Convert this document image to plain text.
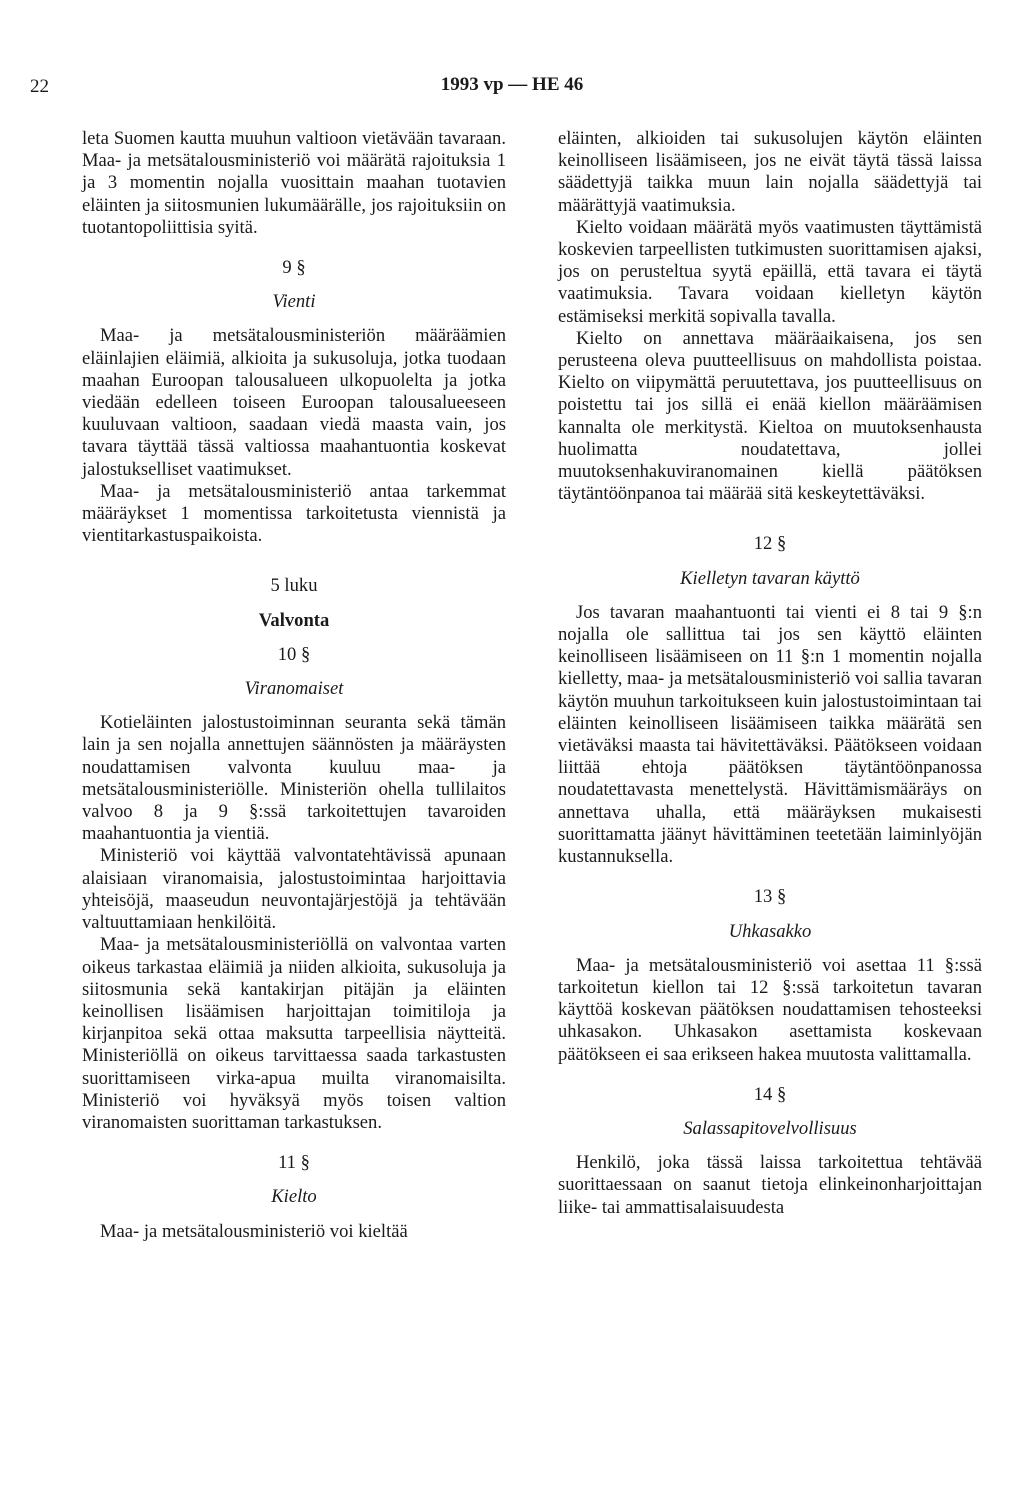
22	1993 vp — HE 46

leta Suomen kautta muuhun valtioon vietävään tavaraan. Maa- ja metsätalousministeriö voi määrätä rajoituksia 1 ja 3 momentin nojalla vuosittain maahan tuotavien eläinten ja siitosmunien lukumäärälle, jos rajoituksiin on tuotantopoliittisia syitä.

9 §

Vienti

Maa- ja metsätalousministeriön määräämien eläinlajien eläimiä, alkioita ja sukusoluja, jotka tuodaan maahan Euroopan talousalueen ulkopuolelta ja jotka viedään edelleen toiseen Euroopan talousalueeseen kuuluvaan valtioon, saadaan viedä maasta vain, jos tavara täyttää tässä valtiossa maahantuontia koskevat jalostukselliset vaatimukset.

Maa- ja metsätalousministeriö antaa tarkemmat määräykset 1 momentissa tarkoitetusta viennistä ja vientitarkastuspaikoista.

5 luku

Valvonta

10 §

Viranomaiset

Kotieläinten jalostustoiminnan seuranta sekä tämän lain ja sen nojalla annettujen säännösten ja määräysten noudattamisen valvonta kuuluu maa- ja metsätalousministeriölle. Ministeriön ohella tullilaitos valvoo 8 ja 9 §:ssä tarkoitettujen tavaroiden maahantuontia ja vientiä.

Ministeriö voi käyttää valvontatehtävissä apunaan alaisiaan viranomaisia, jalostustoimintaa harjoittavia yhteisöjä, maaseudun neuvontajärjestöjä ja tehtävään valtuuttamiaan henkilöitä.

Maa- ja metsätalousministeriöllä on valvontaa varten oikeus tarkastaa eläimiä ja niiden alkioita, sukusoluja ja siitosmunia sekä kantakirjan pitäjän ja eläinten keinollisen lisäämisen harjoittajan toimitiloja ja kirjanpitoa sekä ottaa maksutta tarpeellisia näytteitä. Ministeriöllä on oikeus tarvittaessa saada tarkastusten suorittamiseen virka-apua muilta viranomaisilta. Ministeriö voi hyväksyä myös toisen valtion viranomaisten suorittaman tarkastuksen.

11 §

Kielto

Maa- ja metsätalousministeriö voi kieltää

eläinten, alkioiden tai sukusolujen käytön eläinten keinolliseen lisäämiseen, jos ne eivät täytä tässä laissa säädettyjä taikka muun lain nojalla säädettyjä tai määrättyjä vaatimuksia.

Kielto voidaan määrätä myös vaatimusten täyttämistä koskevien tarpeellisten tutkimusten suorittamisen ajaksi, jos on perusteltua syytä epäillä, että tavara ei täytä vaatimuksia. Tavara voidaan kielletyn käytön estämiseksi merkitä sopivalla tavalla.

Kielto on annettava määräaikaisena, jos sen perusteena oleva puutteellisuus on mahdollista poistaa. Kielto on viipymättä peruutettava, jos puutteellisuus on poistettu tai jos sillä ei enää kiellon määräämisen kannalta ole merkitystä. Kieltoa on muutoksenhausta huolimatta noudatettava, jollei muutoksenhakuviranomainen kiellä päätöksen täytäntöönpanoa tai määrää sitä keskeytettäväksi.

12 §

Kielletyn tavaran käyttö

Jos tavaran maahantuonti tai vienti ei 8 tai 9 §:n nojalla ole sallittua tai jos sen käyttö eläinten keinolliseen lisäämiseen on 11 §:n 1 momentin nojalla kielletty, maa- ja metsätalousministeriö voi sallia tavaran käytön muuhun tarkoitukseen kuin jalostustoimintaan tai eläinten keinolliseen lisäämiseen taikka määrätä sen vietäväksi maasta tai hävitettäväksi. Päätökseen voidaan liittää ehtoja päätöksen täytäntöönpanossa noudatettavasta menettelystä. Hävittämismääräys on annettava uhalla, että määräyksen mukaisesti suorittamatta jäänyt hävittäminen teetetään laiminlyöjän kustannuksella.

13 §

Uhkasakko

Maa- ja metsätalousministeriö voi asettaa 11 §:ssä tarkoitetun kiellon tai 12 §:ssä tarkoitetun tavaran käyttöä koskevan päätöksen noudattamisen tehosteeksi uhkasakon. Uhkasakon asettamista koskevaan päätökseen ei saa erikseen hakea muutosta valittamalla.

14 §

Salassapitovelvollisuus

Henkilö, joka tässä laissa tarkoitettua tehtävää suorittaessaan on saanut tietoja elinkeinonharjoittajan liike- tai ammattisalaisuudesta
